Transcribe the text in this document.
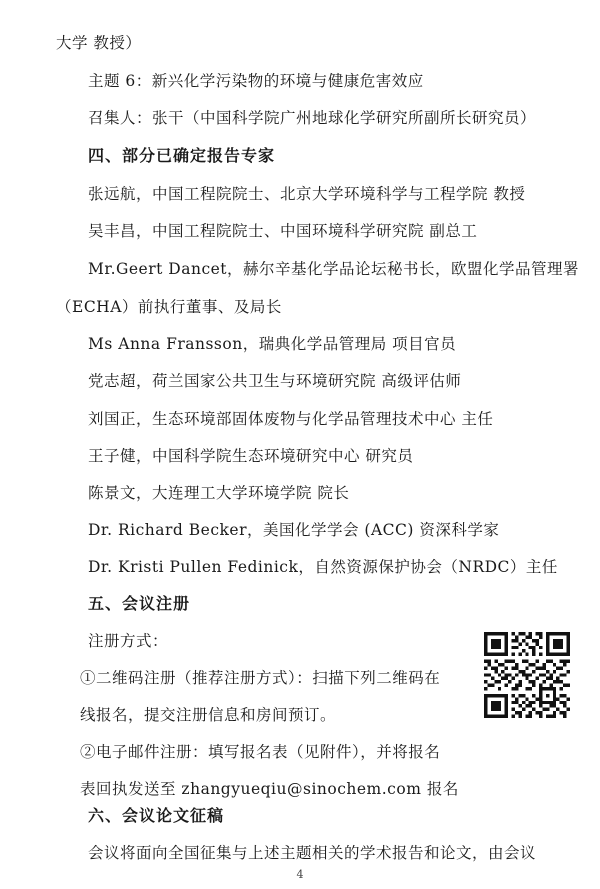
大学 教授）
主题 6：新兴化学污染物的环境与健康危害效应
召集人：张干（中国科学院广州地球化学研究所副所长研究员）
四、部分已确定报告专家
张远航，中国工程院院士、北京大学环境科学与工程学院 教授
吴丰昌，中国工程院院士、中国环境科学研究院 副总工
Mr.Geert Dancet，赫尔辛基化学品论坛秘书长，欧盟化学品管理署
（ECHA）前执行董事、及局长
Ms Anna Fransson，瑞典化学品管理局 项目官员
党志超，荷兰国家公共卫生与环境研究院 高级评估师
刘国正，生态环境部固体废物与化学品管理技术中心 主任
王子健，中国科学院生态环境研究中心 研究员
陈景文，大连理工大学环境学院 院长
Dr. Richard Becker，美国化学学会 (ACC) 资深科学家
Dr. Kristi Pullen Fedinick，自然资源保护协会（NRDC）主任
五、会议注册
注册方式：
①二维码注册（推荐注册方式）：扫描下列二维码在
线报名，提交注册信息和房间预订。
②电子邮件注册：填写报名表（见附件），并将报名
表回执发送至 zhangyueqiu@sinochem.com 报名
六、会议论文征稿
会议将面向全国征集与上述主题相关的学术报告和论文，由会议
4
